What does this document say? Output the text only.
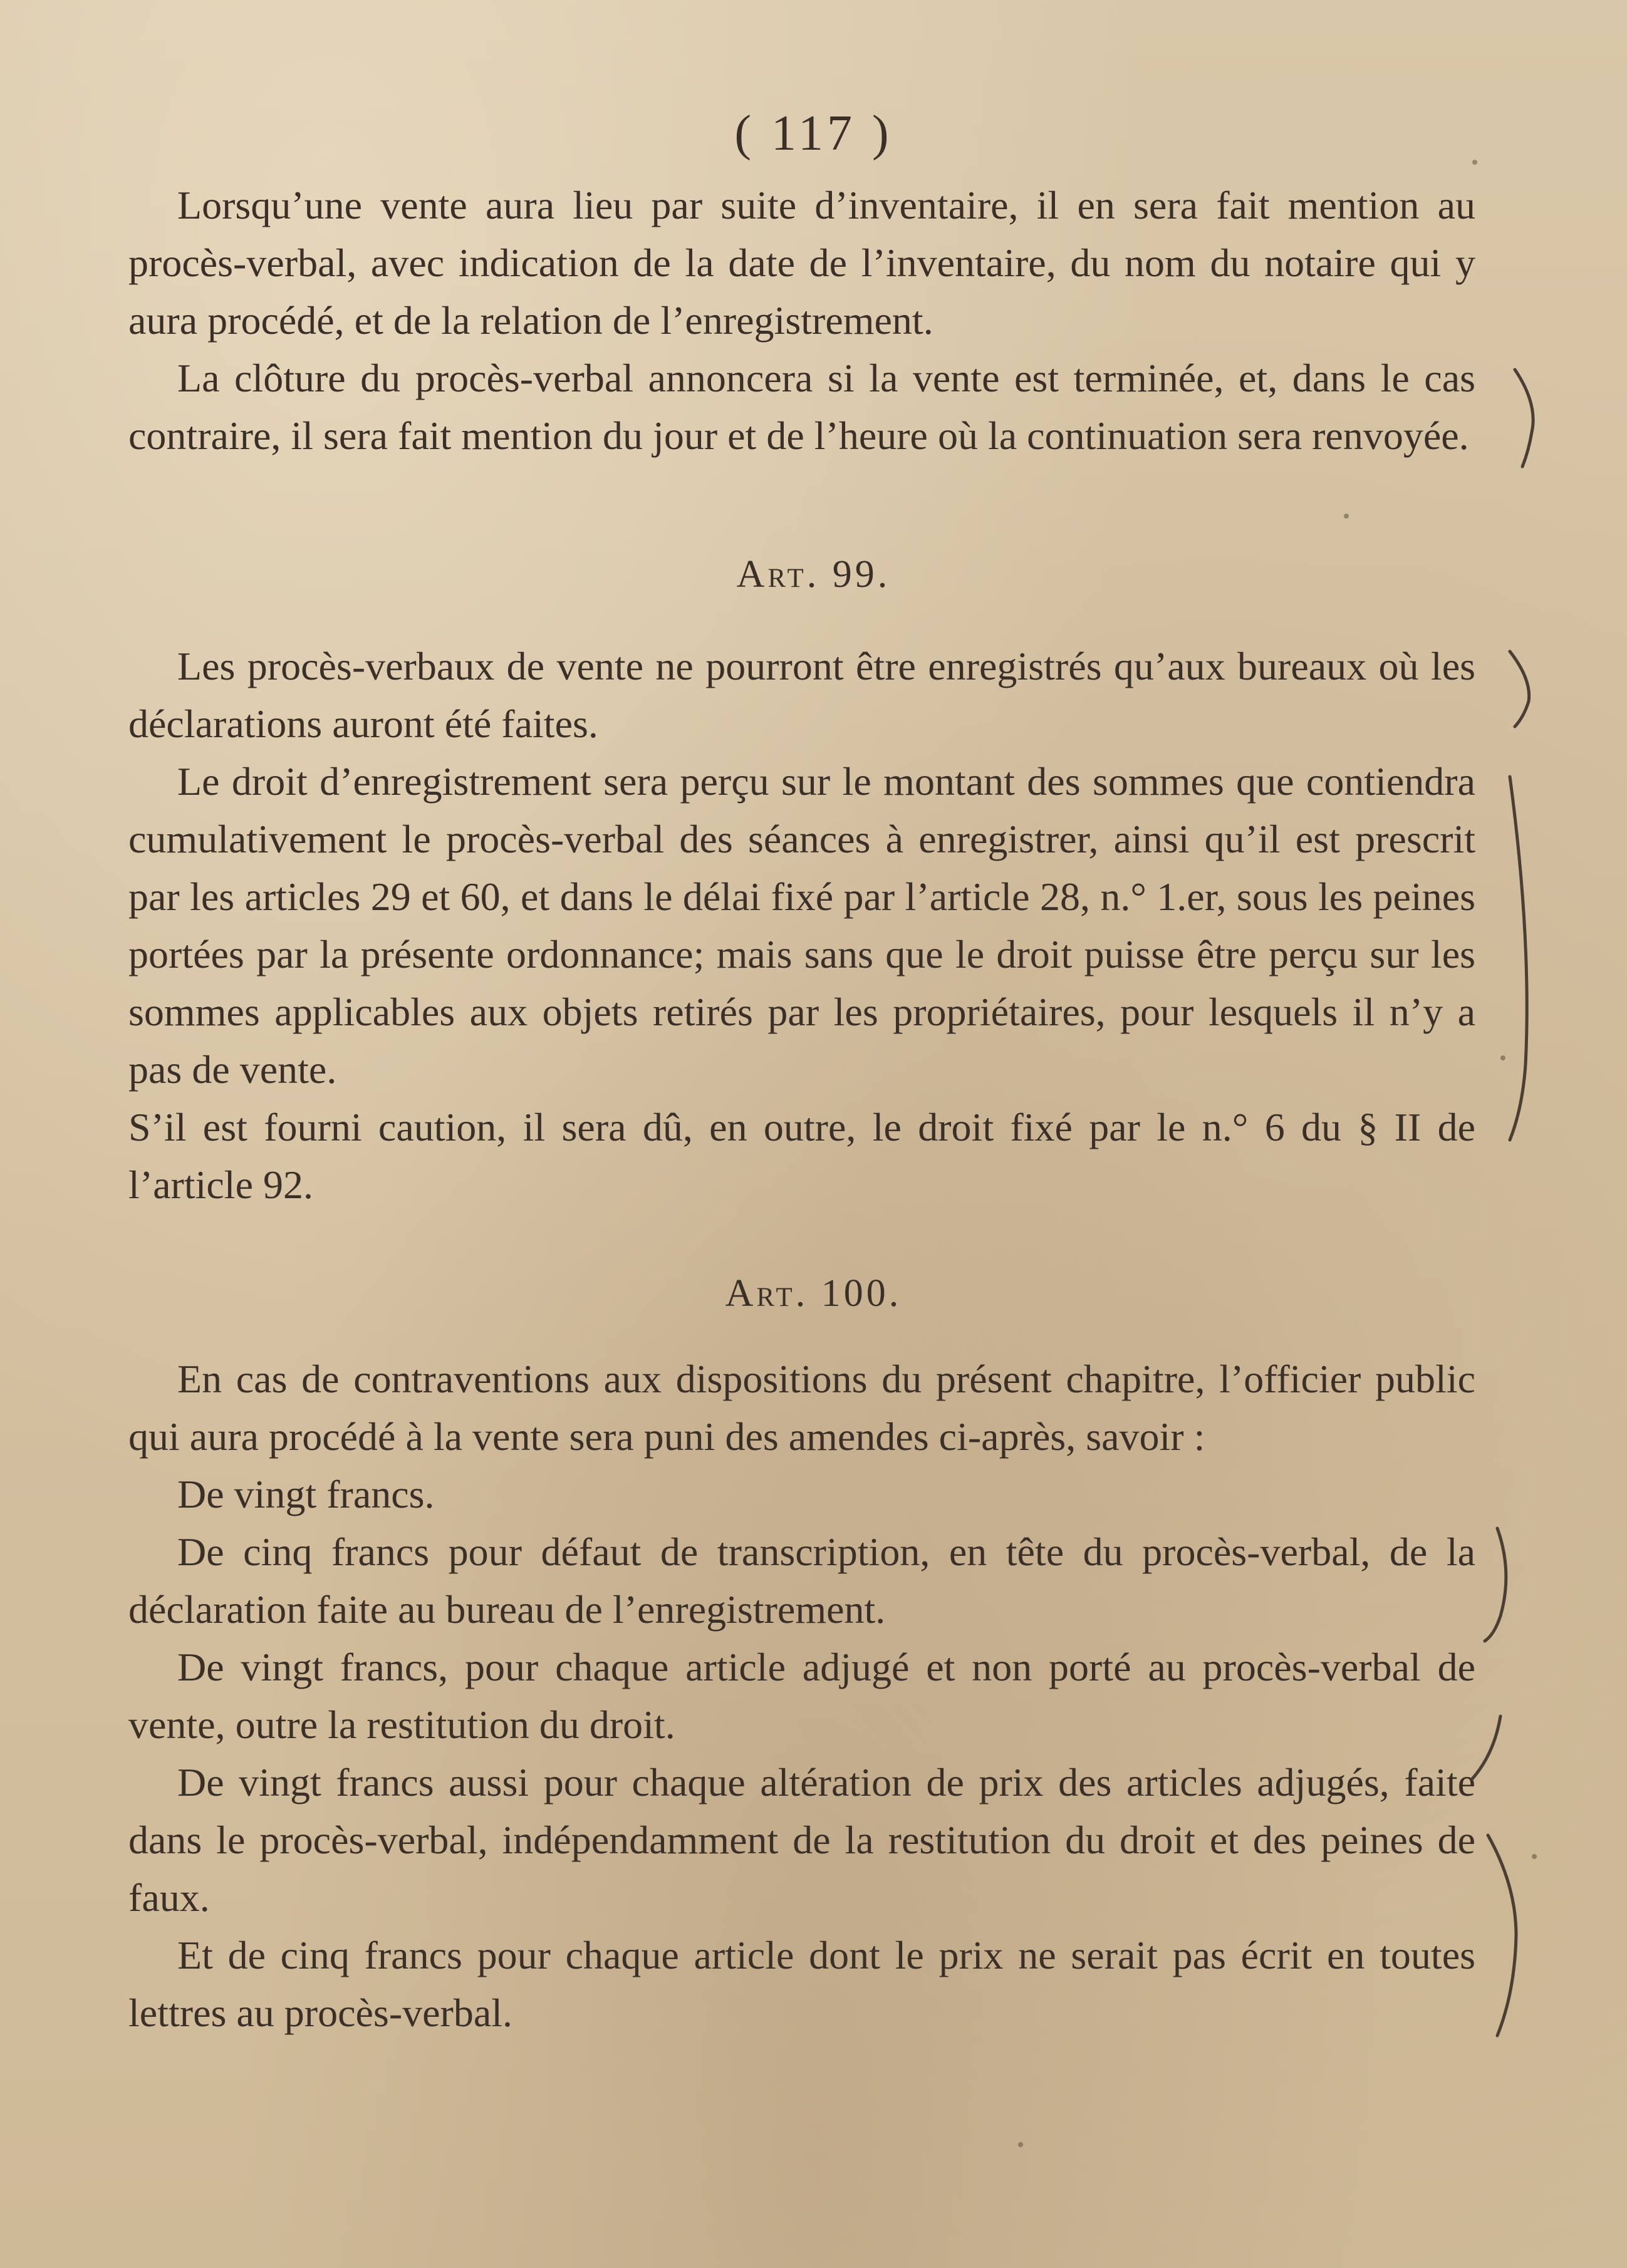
( 117 )

Lorsqu’une vente aura lieu par suite d’inventaire, il en sera fait mention au procès-verbal, avec indication de la date de l’inventaire, du nom du notaire qui y aura procédé, et de la relation de l’enregistrement.

La clôture du procès-verbal annoncera si la vente est terminée, et, dans le cas contraire, il sera fait mention du jour et de l’heure où la continuation sera renvoyée.

Art. 99.

Les procès-verbaux de vente ne pourront être enregistrés qu’aux bureaux où les déclarations auront été faites.

Le droit d’enregistrement sera perçu sur le montant des sommes que contiendra cumulativement le procès-verbal des séances à enregistrer, ainsi qu’il est prescrit par les articles 29 et 60, et dans le délai fixé par l’article 28, n.° 1.er, sous les peines portées par la présente ordonnance; mais sans que le droit puisse être perçu sur les sommes applicables aux objets retirés par les propriétaires, pour lesquels il n’y a pas de vente.

S’il est fourni caution, il sera dû, en outre, le droit fixé par le n.° 6 du § II de l’article 92.

Art. 100.

En cas de contraventions aux dispositions du présent chapitre, l’officier public qui aura procédé à la vente sera puni des amendes ci-après, savoir :

De vingt francs.

De cinq francs pour défaut de transcription, en tête du procès-verbal, de la déclaration faite au bureau de l’enregistrement.

De vingt francs, pour chaque article adjugé et non porté au procès-verbal de vente, outre la restitution du droit.

De vingt francs aussi pour chaque altération de prix des articles adjugés, faite dans le procès-verbal, indépendamment de la restitution du droit et des peines de faux.

Et de cinq francs pour chaque article dont le prix ne serait pas écrit en toutes lettres au procès-verbal.
